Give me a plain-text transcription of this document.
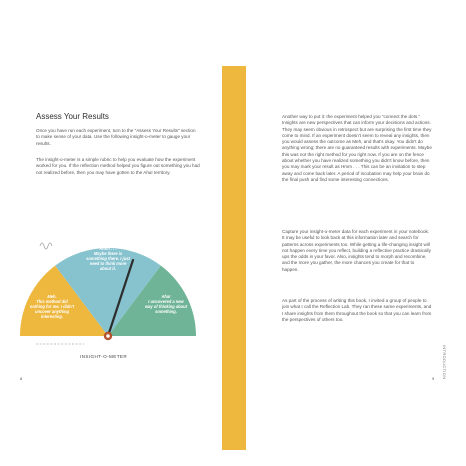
Assess Your Results

Once you have run each experiment, turn to the "Assess Your Results" section to make sense of your data. Use the following insight-o-meter to gauge your results.

The insight-o-meter is a simple rubric to help you evaluate how the experiment worked for you. If the reflection method helped you figure out something you had not realized before, then you may have gotten to the Aha! territory.

Meh.
This method did
nothing for me. I didn't
uncover anything
interesting.
Hmm . . .
Maybe there is
something there. I just
need to think more
about it.
Aha!
I uncovered a new
way of thinking about
something.
INSIGHT-O-METER
8

Another way to put it: the experiment helped you "connect the dots." Insights are new perspectives that can inform your decisions and actions. They may seem obvious in retrospect but are surprising the first time they come to mind. If an experiment doesn't seem to reveal any insights, then you would assess the outcome as Meh, and that's okay. You didn't do anything wrong; there are no guaranteed results with experiments. Maybe this was not the right method for you right now. If you are on the fence about whether you have realized something you didn't know before, then you may mark your result as Hmm . . . This can be an invitation to step away and come back later. A period of incubation may help your brain do the final push and find some interesting connections.

Capture your insight-o-meter data for each experiment in your notebook. It may be useful to look back at this information later and search for patterns across experiments too. While getting a life-changing insight will not happen every time you reflect, building a reflective practice drastically ups the odds in your favor. Also, insights tend to morph and recombine, and the more you gather, the more chances you create for that to happen.

As part of the process of writing this book, I invited a group of people to join what I call the Reflection Lab. They ran these same experiments, and I share insights from them throughout the book so that you can learn from the perspectives of others too.

INTRODUCTION
9
